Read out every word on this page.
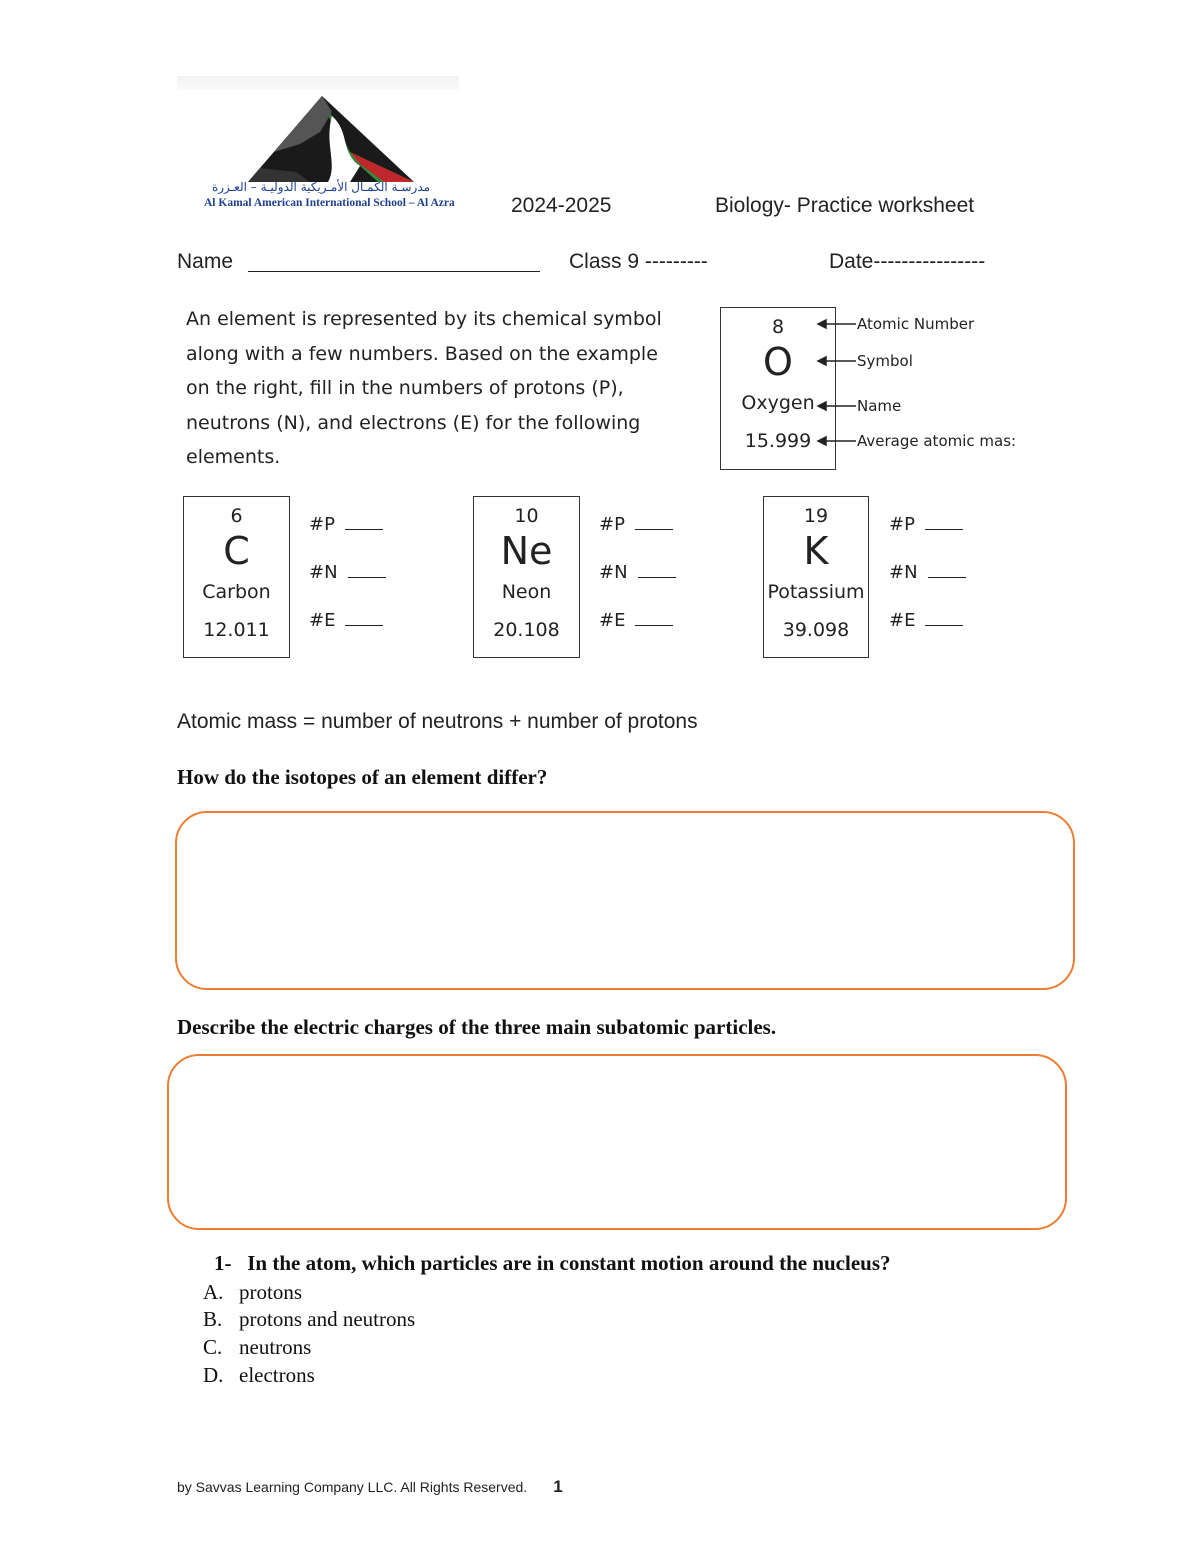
مدرسـة الكمـال الأمـريكية الدوليـة – العـزرة
Al Kamal American International School – Al Azra	2024-2025	Biology- Practice worksheet
Name	Class 9 ---------	Date----------------
An element is represented by its chemical symbol along with a few numbers. Based on the example on the right, fill in the numbers of protons (P), neutrons (N), and electrons (E) for the following elements.
8
O
Oxygen
15.999
Atomic Number
Symbol
Name
Average atomic mas:
6
C
Carbon
12.011
10
Ne
Neon
20.108
19
K
Potassium
39.098
#P
#N
#E
#P
#N
#E
#P
#N
#E
Atomic mass = number of neutrons + number of protons
How do the isotopes of an element differ?
Describe the electric charges of the three main subatomic particles.
1- In the atom, which particles are in constant motion around the nucleus?
A. protons
B. protons and neutrons
C. neutrons
D. electrons
by Savvas Learning Company LLC. All Rights Reserved. 1
